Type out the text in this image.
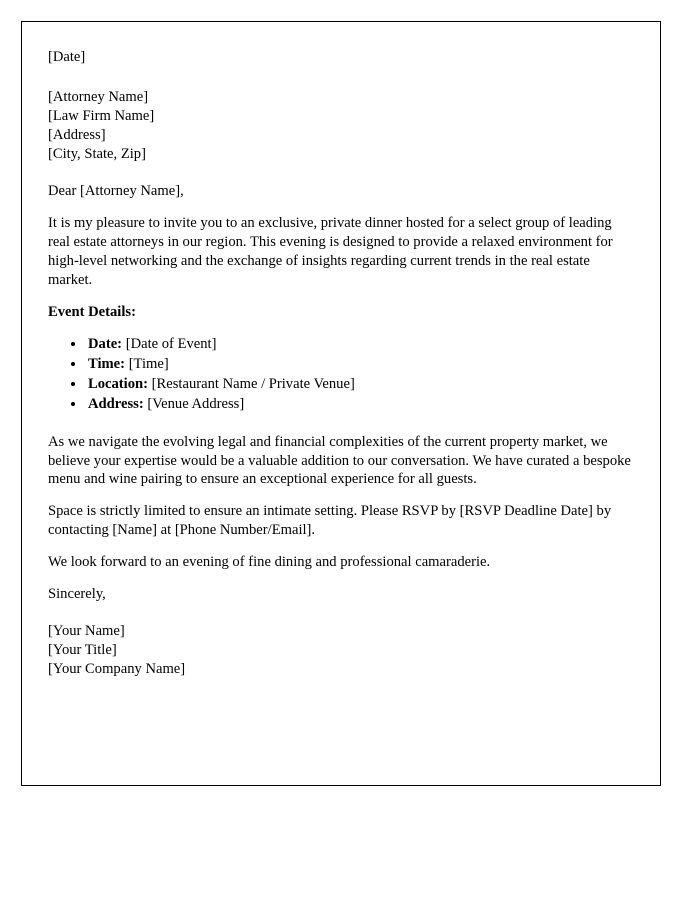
[Date]
[Attorney Name]
[Law Firm Name]
[Address]
[City, State, Zip]
Dear [Attorney Name],
It is my pleasure to invite you to an exclusive, private dinner hosted for a select group of leading real estate attorneys in our region. This evening is designed to provide a relaxed environment for high-level networking and the exchange of insights regarding current trends in the real estate market.
Event Details:
• Date: [Date of Event]
• Time: [Time]
• Location: [Restaurant Name / Private Venue]
• Address: [Venue Address]
As we navigate the evolving legal and financial complexities of the current property market, we believe your expertise would be a valuable addition to our conversation. We have curated a bespoke menu and wine pairing to ensure an exceptional experience for all guests.
Space is strictly limited to ensure an intimate setting. Please RSVP by [RSVP Deadline Date] by contacting [Name] at [Phone Number/Email].
We look forward to an evening of fine dining and professional camaraderie.
Sincerely,
[Your Name]
[Your Title]
[Your Company Name]
